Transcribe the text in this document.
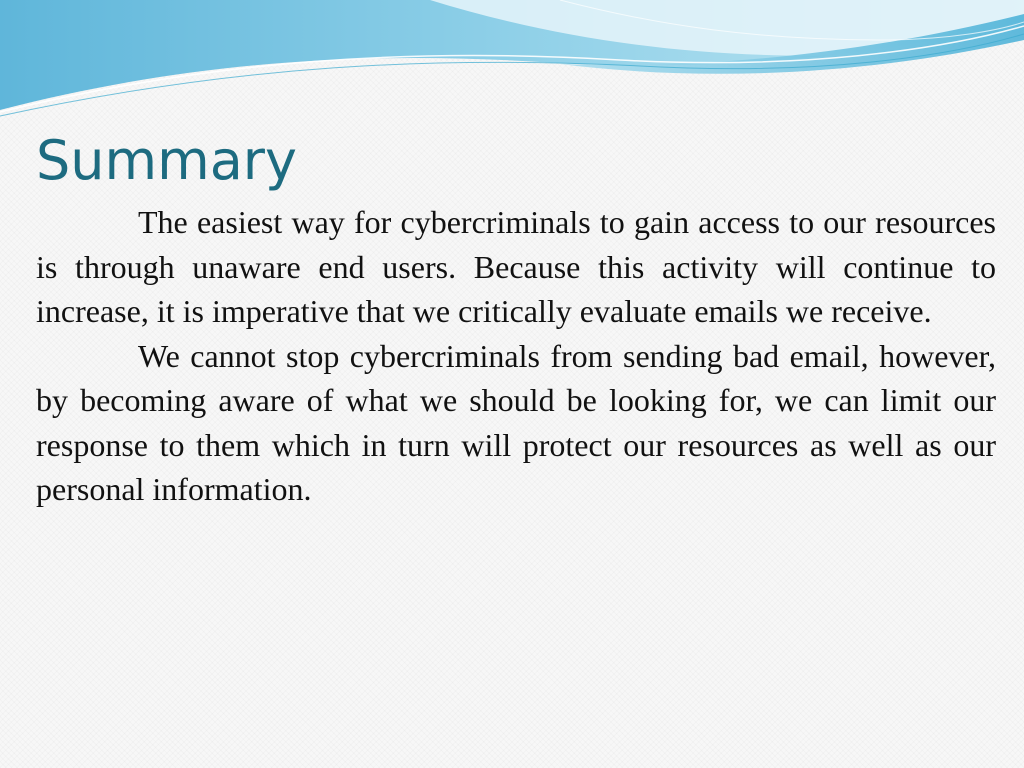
Summary

The easiest way for cybercriminals to gain access to our resources is through unaware end users. Because this activity will continue to increase, it is imperative that we critically evaluate emails we receive.

We cannot stop cybercriminals from sending bad email, however, by becoming aware of what we should be looking for, we can limit our response to them which in turn will protect our resources as well as our personal information.
